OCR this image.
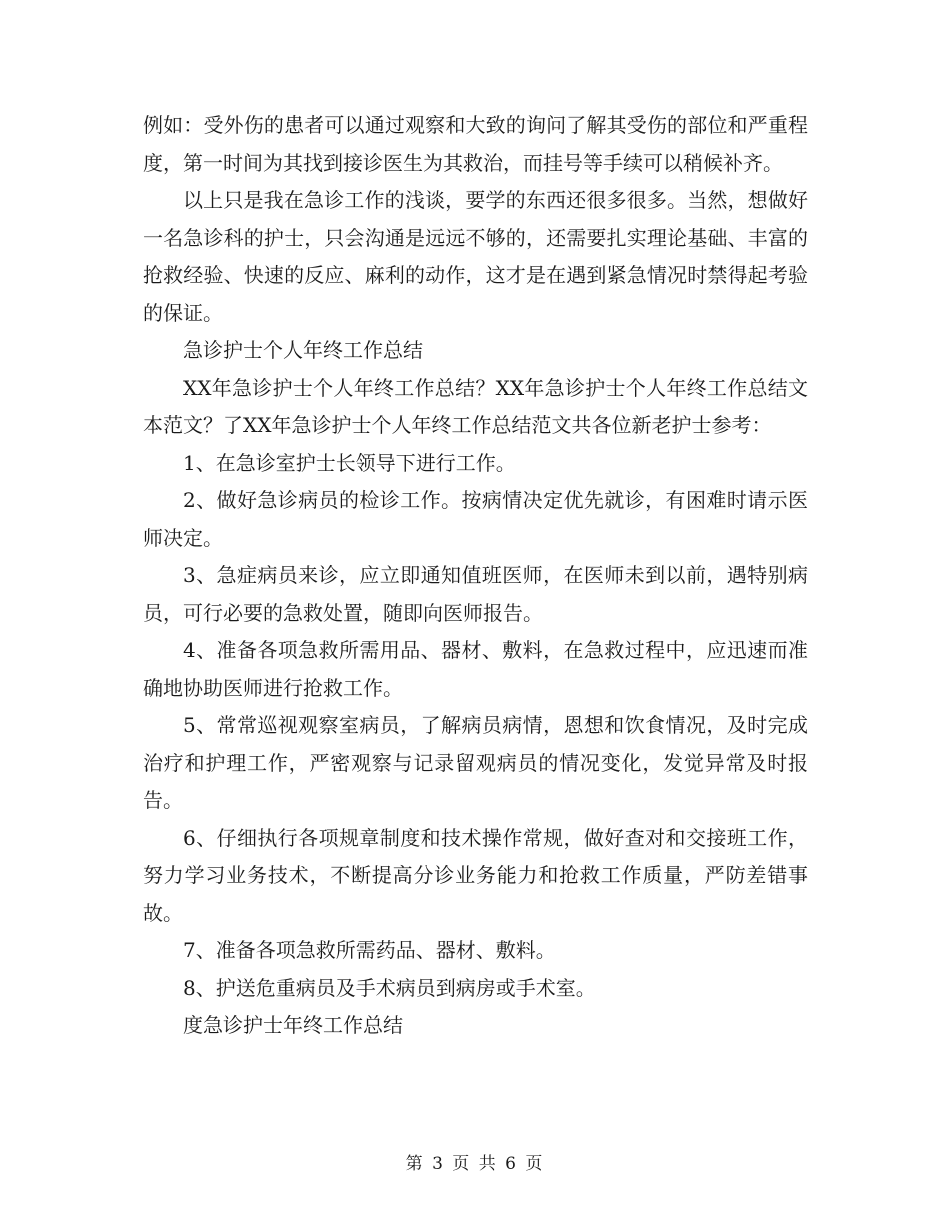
例如：受外伤的患者可以通过观察和大致的询问了解其受伤的部位和严重程度，第一时间为其找到接诊医生为其救治，而挂号等手续可以稍候补齐。

以上只是我在急诊工作的浅谈，要学的东西还很多很多。当然，想做好一名急诊科的护士，只会沟通是远远不够的，还需要扎实理论基础、丰富的抢救经验、快速的反应、麻利的动作，这才是在遇到紧急情况时禁得起考验的保证。

急诊护士个人年终工作总结

XX年急诊护士个人年终工作总结？XX年急诊护士个人年终工作总结文本范文？了XX年急诊护士个人年终工作总结范文共各位新老护士参考：

1、在急诊室护士长领导下进行工作。

2、做好急诊病员的检诊工作。按病情决定优先就诊，有困难时请示医师决定。

3、急症病员来诊，应立即通知值班医师，在医师未到以前，遇特别病员，可行必要的急救处置，随即向医师报告。

4、准备各项急救所需用品、器材、敷料，在急救过程中，应迅速而准确地协助医师进行抢救工作。

5、常常巡视观察室病员，了解病员病情，恩想和饮食情况，及时完成治疗和护理工作，严密观察与记录留观病员的情况变化，发觉异常及时报告。

6、仔细执行各项规章制度和技术操作常规，做好查对和交接班工作，努力学习业务技术，不断提高分诊业务能力和抢救工作质量，严防差错事故。

7、准备各项急救所需药品、器材、敷料。

8、护送危重病员及手术病员到病房或手术室。

度急诊护士年终工作总结

第 3 页 共 6 页
